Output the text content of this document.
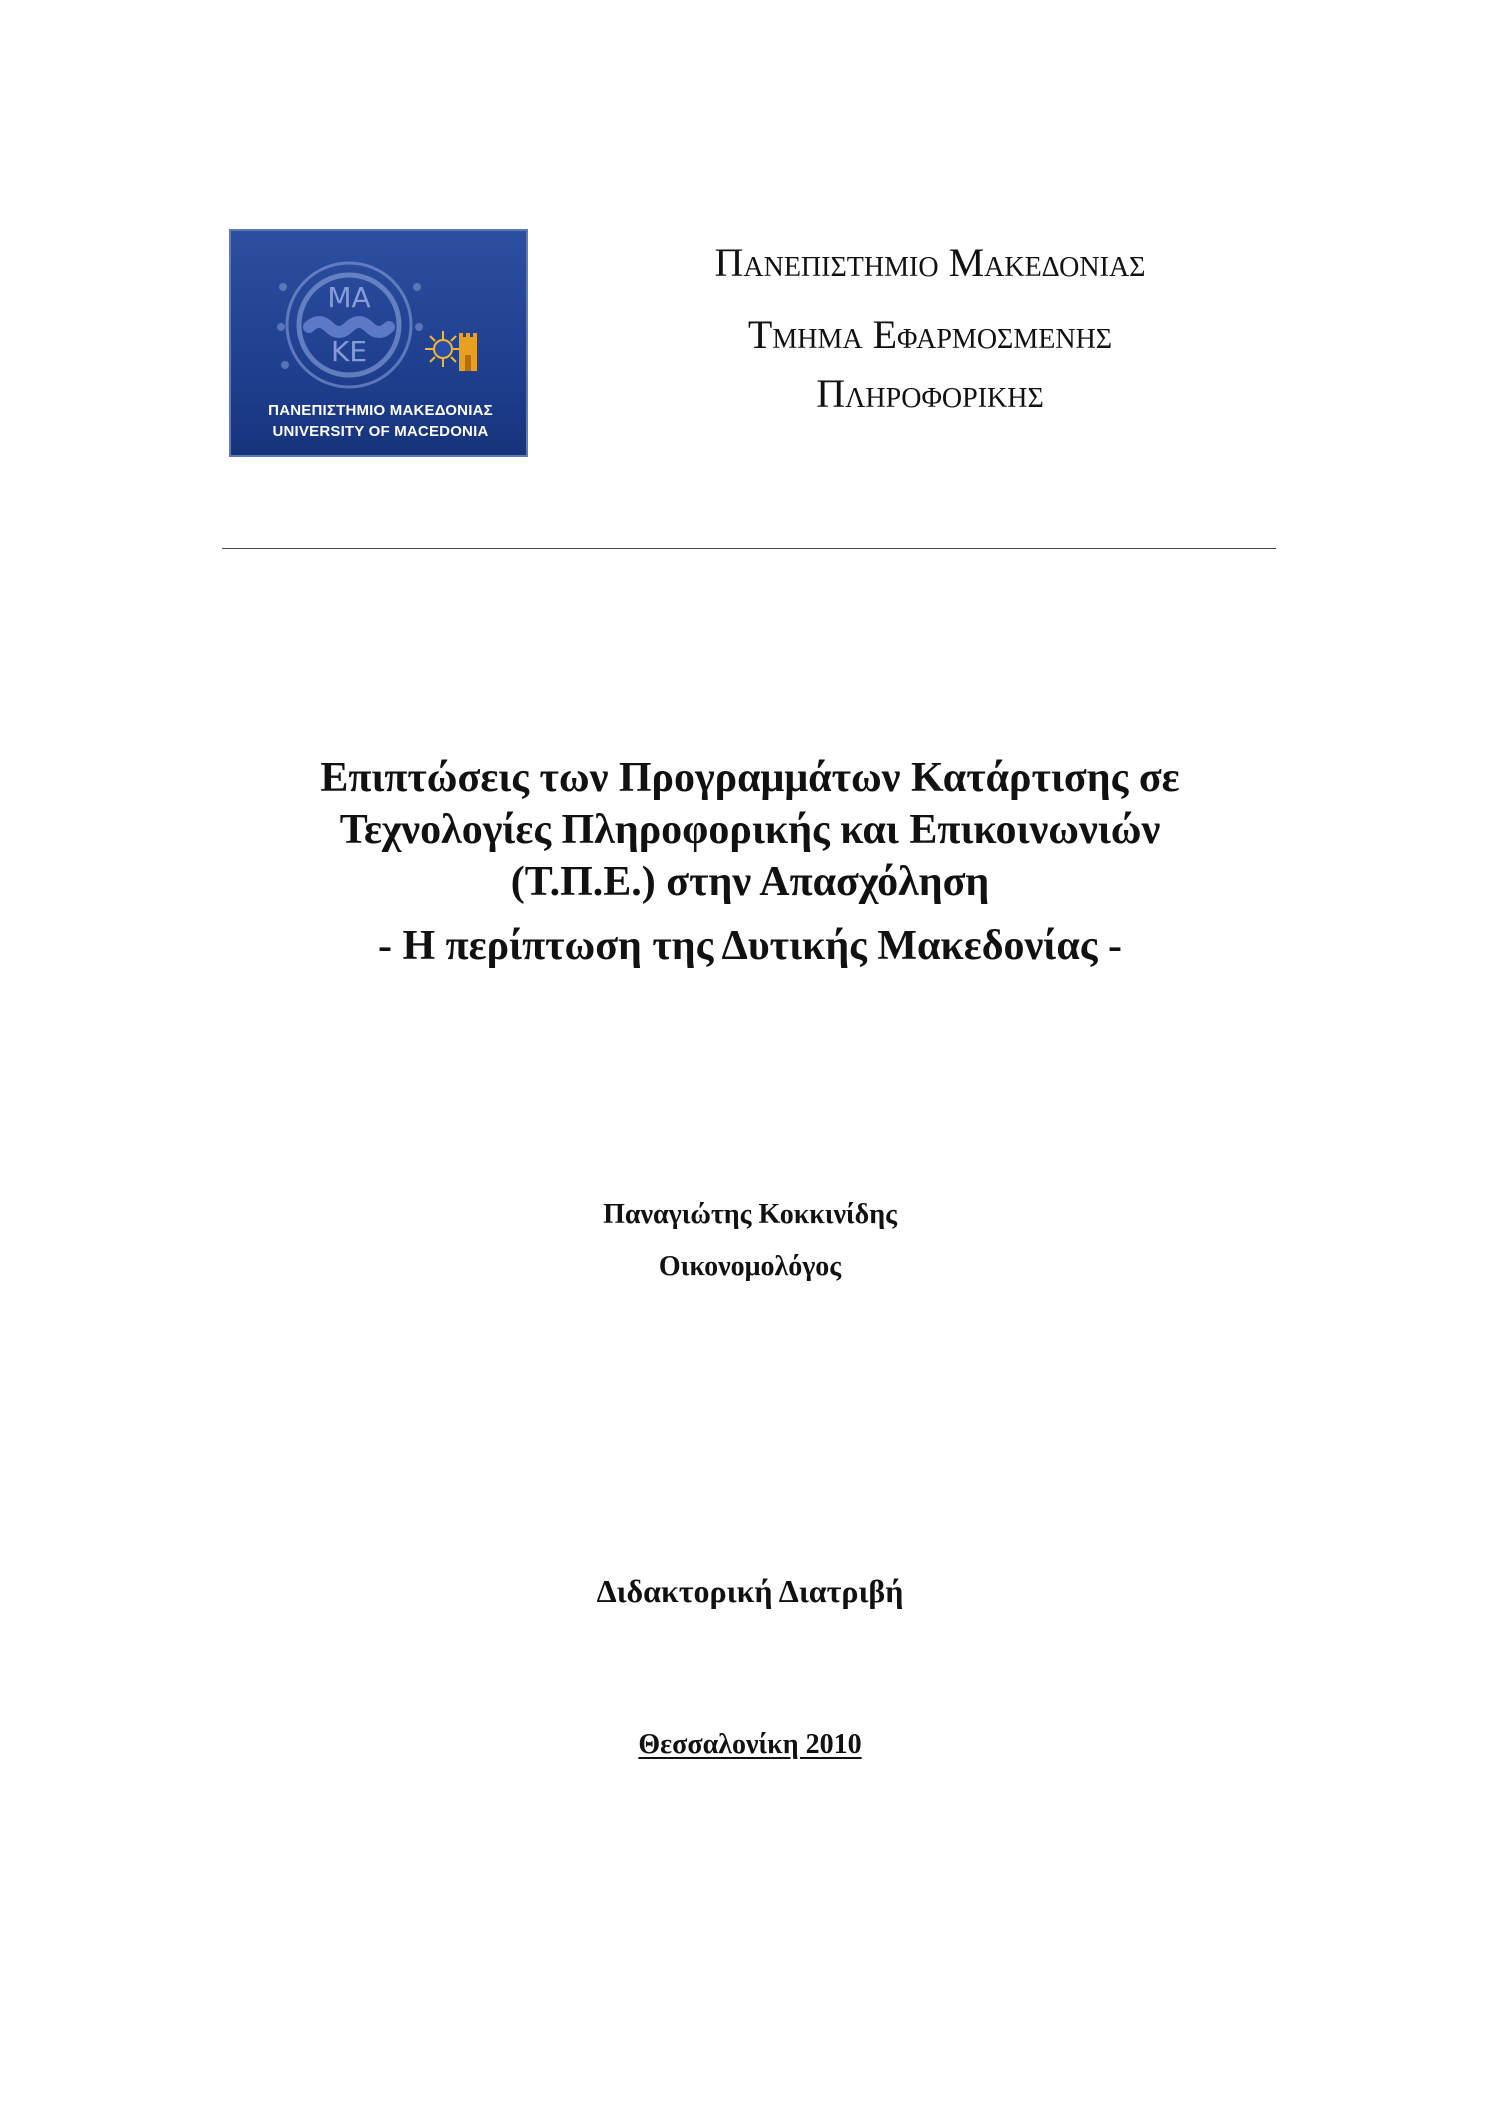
ΜΑ
ΚΕ
ΠΑΝΕΠΙΣΤΗΜΙΟ ΜΑΚΕΔΟΝΙΑΣ
UNIVERSITY OF MACEDONIA
Πανεπιστημιο Μακεδονιασ
Τμημα Εφαρμοσμενησ
Πληροφορικησ
Επιπτώσεις των Προγραμμάτων Κατάρτισης σε
Τεχνολογίες Πληροφορικής και Επικοινωνιών
(Τ.Π.Ε.) στην Απασχόληση
- Η περίπτωση της Δυτικής Μακεδονίας -
Παναγιώτης Κοκκινίδης
Οικονομολόγος
Διδακτορική Διατριβή
Θεσσαλονίκη 2010
